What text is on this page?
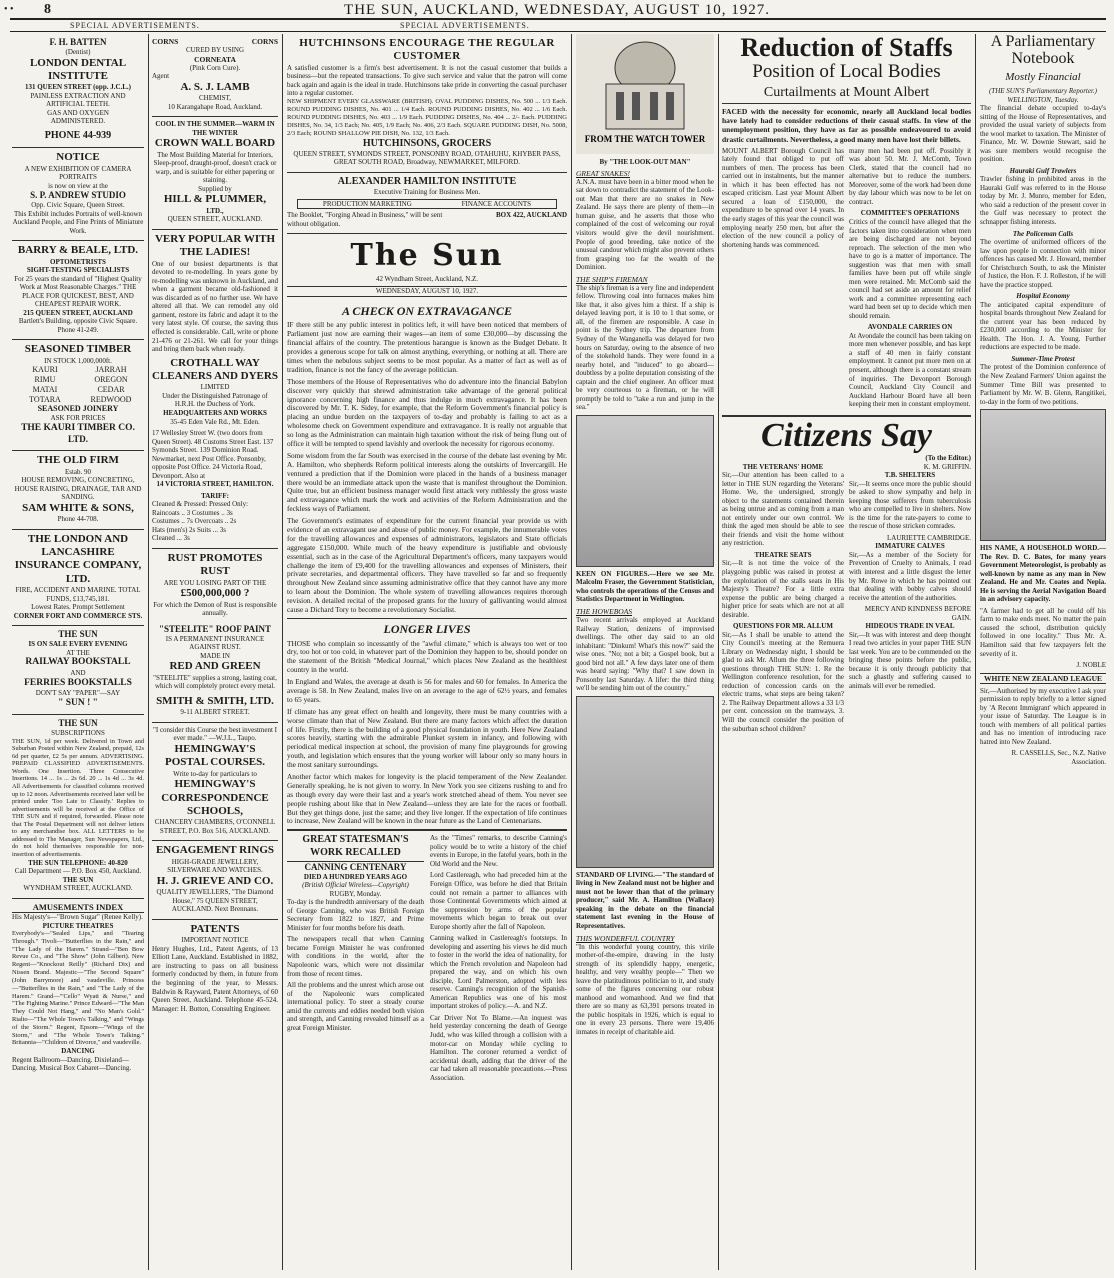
• • 8	THE SUN, AUCKLAND, WEDNESDAY, AUGUST 10, 1927.
SPECIAL ADVERTISEMENTS.	SPECIAL ADVERTISEMENTS.
F. H. BATTEN
(Dentist)
LONDON DENTAL
INSTITUTE
131 QUEEN STREET (opp. J.C.L.)
PAINLESS EXTRACTION AND
ARTIFICIAL TEETH.
GAS AND OXYGEN
ADMINISTERED.
PHONE 44-939
NOTICE
A NEW EXHIBITION OF CAMERA
PORTRAITS
is now on view at the
S. P. ANDREW STUDIO
Opp. Civic Square, Queen Street.
This Exhibit includes Portraits of well-known Auckland People, and Fine Prints of Miniature Work.
BARRY & BEALE, LTD.
OPTOMETRISTS
SIGHT-TESTING SPECIALISTS
For 25 years the standard of "Highest Quality Work at Most Reasonable Charges." THE PLACE FOR QUICKEST, BEST, AND CHEAPEST REPAIR WORK.
215 QUEEN STREET, AUCKLAND
Bartlett's Building, opposite Civic Square.
Phone 41-249.
SEASONED TIMBER
IN STOCK 1,000,000ft.
KAURI	JARRAH
RIMU	OREGON
MATAI	CEDAR
TOTARA	REDWOOD
SEASONED JOINERY
ASK FOR PRICES
THE KAURI TIMBER CO.
LTD.
THE OLD FIRM
Estab. 90
HOUSE REMOVING, CONCRETING, HOUSE RAISING, DRAINAGE, TAR AND SANDING.
SAM WHITE & SONS,
Phone 44-708.
THE LONDON AND
LANCASHIRE
INSURANCE COMPANY,
LTD.
FIRE, ACCIDENT AND MARINE. TOTAL FUNDS, £13,745,181.
Lowest Rates. Prompt Settlement
CORNER FORT AND COMMERCE STS.
THE SUN
IS ON SALE EVERY EVENING
AT THE
RAILWAY BOOKSTALL
AND
FERRIES BOOKSTALLS
DON'T SAY "PAPER"—SAY
" SUN ! "
THE SUN
SUBSCRIPTIONS
THE SUN, 1d per week. Delivered in Town and Suburban Posted within New Zealand, prepaid, 12s 6d per quarter, £2 5s per annum. ADVERTISING. PREPAID CLASSIFIED ADVERTISEMENTS. Words. One Insertion. Three Consecutive Insertions. 14 ... 1s ... 2s 6d. 20 ... 1s 4d ... 3s 4d. All Advertisements for classified columns received up to 12 noon. Advertisements received later will be printed under 'Too Late to Classify.' Replies to advertisements will be received at the Office of THE SUN and if required, forwarded. Please note that The Postal Department will not deliver letters to any merchandise box. ALL LETTERS to be addressed to The Manager, Sun Newspapers, Ltd., do not hold themselves responsible for non-insertion of advertisements.
THE SUN TELEPHONE: 40-820
Call Department — P.O. Box 450, Auckland.
THE SUN
WYNDHAM STREET, AUCKLAND.
AMUSEMENTS INDEX
His Majesty's—"Brown Sugar" (Renee Kelly).
PICTURE THEATRES
Everybody's—"Sealed Lips," and "Tearing Through." Tivoli—"Butterflies in the Rain," and "The Lady of the Harem." Strand—"Ben Bow Revue Co., and "The Show" (John Gilbert). New Regent—"Knockout Reilly" (Richard Dix) and Nissen Brand. Majestic—"The Second Square" (John Barrymore) and vaudeville. Princess—"Butterflies in the Rain," and "The Lady of the Harem." Grand—"'Cello" Wyatt & Nurse," and "The Fighting Marine." Prince Edward—"The Man They Could Not Hang," and "No Man's Gold." Rialto—"The Whole Town's Talking," and "Wings of the Storm." Regent, Epsom—"Wings of the Storm," and "The Whole Town's Talking." Britannia—"Children of Divorce," and vaudeville.
DANCING
Regent Ballroom—Dancing. Dixieland—Dancing. Musical Box Cabaret—Dancing.
CORNS	CORNS
CURED BY USING
CORNEATA
(Pink Corn Cure).
Agent
A. S. J. LAMB
CHEMIST,
10 Karangahape Road, Auckland.
COOL IN THE SUMMER—WARM IN THE WINTER
CROWN WALL BOARD
The Most Building Material for Interiors, Sleep-proof, draught-proof, doesn't crack or warp, and is suitable for either papering or staining.
Supplied by
HILL & PLUMMER,
LTD.,
QUEEN STREET, AUCKLAND.
VERY POPULAR WITH
THE LADIES!
One of our busiest departments is that devoted to re-modelling. In years gone by re-modelling was unknown in Auckland, and when a garment became old-fashioned it was discarded as of no further use. We have altered all that. We can remodel any old garment, restore its fabric and adapt it to the very latest style. Of course, the saving thus effected is considerable. Call, write or phone 21-476 or 21-261. We call for your things and bring them back when ready.
CROTHALL WAY
CLEANERS AND DYERS
LIMITED
Under the Distinguished Patronage of H.R.H. the Duchess of York.
HEADQUARTERS AND WORKS
35-45 Eden Vale Rd., Mt. Eden.
17 Wellesley Street W. (two doors from Queen Street). 48 Customs Street East. 137 Symonds Street. 139 Dominion Road. Newmarket, next Post Office. Ponsonby, opposite Post Office. 24 Victoria Road, Devonport. Also at
14 VICTORIA STREET, HAMILTON.
TARIFF:
Cleaned & Pressed: Pressed Only:
Raincoats .. 3 Costumes .. 3s
Costumes .. 7s Overcoats .. 2s
Hats (men's) 2s Suits ... 3s
Cleaned ... 3s
RUST PROMOTES RUST
ARE YOU LOSING PART OF THE
£500,000,000 ?
For which the Demon of Rust is responsible annually.
"STEELITE" ROOF PAINT
IS A PERMANENT INSURANCE
AGAINST RUST.
MADE IN
RED AND GREEN
"STEELITE" supplies a strong, lasting coat, which will completely protect every metal.
SMITH & SMITH, LTD.
9-11 ALBERT STREET.
"I consider this Course the best investment I ever made." —W.J.L., Taupo.
HEMINGWAY'S
POSTAL COURSES.
Write to-day for particulars to
HEMINGWAY'S
CORRESPONDENCE
SCHOOLS,
CHANCERY CHAMBERS, O'CONNELL STREET, P.O. Box 516, AUCKLAND.
ENGAGEMENT RINGS
HIGH-GRADE JEWELLERY, SILVERWARE AND WATCHES.
H. J. GRIEVE AND CO.
QUALITY JEWELLERS, "The Diamond House," 75 QUEEN STREET, AUCKLAND. Next Brennans.
PATENTS
IMPORTANT NOTICE
Henry Hughes, Ltd., Patent Agents, of 13 Elliott Lane, Auckland. Established in 1882, are instructing to pass on all business formerly conducted by them, in future from the beginning of the year, to Messrs. Baldwin & Rayward, Patent Attorneys, of 60 Queen Street, Auckland. Telephone 45-524. Manager: H. Button, Consulting Engineer.
HUTCHINSONS ENCOURAGE THE REGULAR CUSTOMER
A satisfied customer is a firm's best advertisement. It is not the casual customer that builds a business—but the repeated transactions. To give such service and value that the patron will come back again and again is the ideal in trade. Hutchinsons take pride in converting the casual purchaser into a regular customer.
NEW SHIPMENT EVERY GLASSWARE (BRITISH). OVAL PUDDING DISHES, No. 500 ... 1/3 Each. ROUND PUDDING DISHES, No. 401 ... 1/4 Each. ROUND PUDDING DISHES, No. 402 ... 1/6 Each. ROUND PUDDING DISHES, No. 403 ... 1/9 Each. PUDDING DISHES, No. 404 ... 2/- Each. PUDDING DISHES, No. 34, 1/3 Each; No. 405, 1/9 Each; No. 406, 2/3 Each. SQUARE PUDDING DISH, No. 5008, 2/3 Each; ROUND SHALLOW PIE DISH, No. 132, 1/3 Each.
HUTCHINSONS, GROCERS
QUEEN STREET, SYMONDS STREET, PONSONBY ROAD, OTAHUHU, KHYBER PASS, GREAT SOUTH ROAD, Broadway, NEWMARKET, MILFORD.
ALEXANDER HAMILTON INSTITUTE
Executive Training for Business Men.
PRODUCTION MARKETING	FINANCE ACCOUNTS
The Booklet, "Forging Ahead in Business," will be sent without obligation.
BOX 422, AUCKLAND
The Sun
42 Wyndham Street, Auckland, N.Z.
WEDNESDAY, AUGUST 10, 1927.
A CHECK ON EXTRAVAGANCE

IF there still be any public interest in politics left, it will have been noticed that members of Parliament just now are earning their wages—an item of some £30,000—by discussing the financial affairs of the country. The pretentious harangue is known as the Budget Debate. It provides a generous scope for talk on almost anything, everything, or nothing at all. There are times when the nebulous subject seems to be most popular. As a matter of fact as well as of tradition, finance is not the fancy of the average politician.

Those members of the House of Representatives who do adventure into the financial Babylon discover very quickly that shrewd administration take advantage of the general political ignorance concerning high finance and thus indulge in much extravagance. It has been discovered by Mr. T. K. Sidey, for example, that the Reform Government's financial policy is placing an undue burden on the taxpayers of to-day and probably is failing to act as a wholesome check on Government expenditure and extravagance. It is really not arguable that so long as the Administration can maintain high taxation without the risk of being flung out of office it will be tempted to spend lavishly and overlook the necessity for rigorous economy.

Some wisdom from the far South was exercised in the course of the debate last evening by Mr. A. Hamilton, who shepherds Reform political interests along the outskirts of Invercargill. He ventured a prediction that if the Dominion were placed in the hands of a business manager there would be an immediate attack upon the waste that is manifest throughout the Dominion. Quite true, but an efficient business manager would first attack very ruthlessly the gross waste and extravagance which mark the work and activities of the Reform Administration and the feckless ways of Parliament.

The Government's estimates of expenditure for the current financial year provide us with evidence of an extravagant use and abuse of public money. For example, the innumerable votes for the travelling allowances and expenses of administrators, legislators and State officials aggregate £150,000. While much of the heavy expenditure is justifiable and obviously essential, such as in the case of the Agricultural Department's officers, many taxpayers would challenge the item of £9,400 for the travelling allowances and expenses of Ministers, their private secretaries, and departmental officers. They have travelled so far and so frequently throughout New Zealand since assuming administrative office that they cannot have any more to learn about the Dominion. The whole system of travelling allowances requires thorough revision. A detailed recital of the proposed grants for the luxury of gallivanting would almost cause a Dichard Tory to become a revolutionary Socialist.

LONGER LIVES

THOSE who complain so incessantly of the "awful climate," which is always too wet or too dry, too hot or too cold, in whatever part of the Dominion they happen to be, should ponder on the statement of the British "Medical Journal," which places New Zealand as the healthiest country in the world.

In England and Wales, the average at death is 56 for males and 60 for females. In America the average is 58. In New Zealand, males live on an average to the age of 62½ years, and females to 65 years.

If climate has any great effect on health and longevity, there must be many countries with a worse climate than that of New Zealand. But there are many factors which affect the duration of life. Firstly, there is the building of a good physical foundation in youth. Here New Zealand scores heavily, starting with the admirable Plunket system in infancy, and following with periodical medical inspection at school, the provision of many fine playgrounds for growing youth, and legislation which ensures that the young worker will labour only so many hours in the most sanitary surroundings.

Another factor which makes for longevity is the placid temperament of the New Zealander. Generally speaking, he is not given to worry. In New York you see citizens rushing to and fro as though every day were their last and a year's work stretched ahead of them. You never see people rushing about like that in New Zealand—unless they are late for the races or football. But they get things done, just the same; and they live longer. If the expectation of life continues to increase, New Zealand will be known in the near future as the Land of Centenarians.

GREAT STATESMAN'S
WORK RECALLED
CANNING CENTENARY
DIED A HUNDRED YEARS AGO
(British Official Wireless—Copyright)
RUGBY, Monday.

To-day is the hundredth anniversary of the death of George Canning, who was British Foreign Secretary from 1822 to 1827, and Prime Minister for four months before his death.

The newspapers recall that when Canning became Foreign Minister he was confronted with conditions in the world, after the Napoleonic wars, which were not dissimilar from those of recent times.

All the problems and the unrest which arose out of the Napoleonic wars complicated international policy. To steer a steady course amid the currents and eddies needed both vision and strength, and Canning revealed himself as a great Foreign Minister.

As the "Times" remarks, to describe Canning's policy would be to write a history of the chief events in Europe, in the fateful years, both in the Old World and the New.

Lord Castlereagh, who had preceded him at the Foreign Office, was before he died that Britain could not remain a partner to alliances with those Continental Governments which aimed at the suppression by arms of the popular movements which began to break out over Europe shortly after the fall of Napoleon.

Canning walked in Castlereagh's footsteps. In developing and asserting his views he did much to foster in the world the idea of nationality, for which the French revolution and Napoleon had prepared the way, and on which his own disciple, Lord Palmerston, adopted with less reserve. Canning's recognition of the Spanish-American Republics was one of his most important strokes of policy.—A. and N.Z.

Car Driver Not To Blame.—An inquest was held yesterday concerning the death of George Judd, who was killed through a collision with a motor-car on Monday while cycling to Hamilton. The coroner returned a verdict of accidental death, adding that the driver of the car had taken all reasonable precautions.—Press Association.

FROM THE WATCH TOWER
By "THE LOOK-OUT MAN"
GREAT SNAKES!

A.N.A. must have been in a bitter mood when he sat down to contradict the statement of the Look-out Man that there are no snakes in New Zealand. He says there are plenty of them—in human guise, and he asserts that those who complained of the cost of welcoming our royal visitors would give the devil nourishment. People of good breeding, take notice of the unusual candour which might also prevent others from grasping too far the wealth of the Dominion.

THE SHIP'S FIREMAN

The ship's fireman is a very fine and independent fellow. Throwing coal into furnaces makes him like that, it also gives him a thirst. If a ship is delayed leaving port, it is 10 to 1 that some, or all, of the firemen are responsible. A case in point is the Sydney trip. The departure from Sydney of the Wanganella was delayed for two hours on Saturday, owing to the absence of two of the stokehold hands. They were found in a nearby hotel, and "induced" to go aboard—doubtless by a polite deputation consisting of the captain and the chief engineer. An officer must be very courteous to a fireman, or he will promptly be told to "take a run and jump in the sea."

KEEN ON FIGURES.—Here we see Mr. Malcolm Fraser, the Government Statistician, who controls the operations of the Census and Statistics Department in Wellington.

THE HOWEBOAS

Two recent arrivals employed at Auckland Railway Station, denizens of improvised dwellings. The other day said to an old inhabitant: "Dinkum! What's this now?" said the wise ones. "No; not a bit; a Gospel book, but a good bird not all." A few days later one of them was heard saying: "Why that? I saw down in Ponsonby last Saturday. A lifer: the third thing we'll be sending him out of the country."

STANDARD OF LIVING.—"The standard of living in New Zealand must not be higher and must not be lower than that of the primary producer," said Mr. A. Hamilton (Wallace) speaking in the debate on the financial statement last evening in the House of Representatives.

THIS WONDERFUL COUNTRY

"In this wonderful young country, this virile mother-of-the-empire, drawing in the lusty strength of its splendidly happy, energetic, healthy, and very wealthy people—" Then we leave the platitudinous politician to it, and study some of the figures concerning our robust manhood and womanhood. And we find that there are so many as 63,391 persons treated in the public hospitals in 1926, which is equal to one in every 23 persons. There were 19,406 inmates in receipt of charitable aid.

Reduction of Staffs
Position of Local Bodies
Curtailments at Mount Albert

FACED with the necessity for economic, nearly all Auckland local bodies have lately had to consider reductions of their casual staffs. In view of the unemployment position, they have as far as possible endeavoured to avoid drastic curtailments. Nevertheless, a good many men have lost their billets.

MOUNT ALBERT Borough Council has lately found that obliged to put off numbers of men. The process has been carried out in instalments, but the manner in which it has been effected has not escaped criticism. Last year Mount Albert secured a loan of £150,000, the expenditure to be spread over 14 years. In the early stages of this year the council was employing nearly 250 men, but after the election of the new council a policy of shortening hands was commenced.

many men had been put off. Possibly it was about 50. Mr. J. McComb, Town Clerk, stated that the council had no alternative but to reduce the numbers. Moreover, some of the work had been done by day labour which was now to be let on contract.

COMMITTEE'S OPERATIONS

Critics of the council have alleged that the factors taken into consideration when men are being discharged are not beyond reproach. The selection of the men who have to go is a matter of importance. The suggestion was that men with small families have been put off while single men were retained. Mr. McComb said the council had set aside an amount for relief work and a committee representing each ward had been set up to decide which men should remain.

AVONDALE CARRIES ON

At Avondale the council has been taking on more men whenever possible, and has kept a staff of 40 men in fairly constant employment. It cannot put more men on at present, although there is a constant stream of inquiries. The Devonport Borough Council, Auckland City Council and Auckland Harbour Board have all been keeping their men in constant employment.

Citizens Say
(To the Editor.)
THE VETERANS' HOME

Sir,—Our attention has been called to a letter in THE SUN regarding the Veterans' Home. We, the undersigned, strongly object to the statements contained therein as being untrue and as coming from a man not entirely under our own control. We think the aged men should be able to see their friends and visit the home without any restriction.

THEATRE SEATS

Sir,—It is not time the voice of the playgoing public was raised in protest at the exploitation of the stalls seats in His Majesty's Theatre? For a little extra expense the public are being charged a higher price for seats which are not at all desirable.

QUESTIONS FOR MR. ALLUM

Sir,—As I shall be unable to attend the City Council's meeting at the Remuera Library on Wednesday night, I should be glad to ask Mr. Allum the three following questions through THE SUN: 1. Re the Wellington conference resolution, for the reduction of concession cards on the electric trams, what steps are being taken? 2. The Railway Department allows a 33 1/3 per cent. concession on the tramways. 3. Will the council consider the position of the suburban school children?

K. M. GRIFFIN.
T.B. SHELTERS

Sir,—It seems once more the public should be asked to show sympathy and help in keeping those sufferers from tuberculosis who are compelled to live in shelters. Now is the time for the rate-payers to come to the rescue of those stricken comrades.

LAURIETTE CAMBRIDGE.
IMMATURE CALVES

Sir,—As a member of the Society for Prevention of Cruelty to Animals, I read with interest and a little disgust the letter by Mr. Rowe in which he has pointed out that dealing with bobby calves should receive the attention of the authorities.

MERCY AND KINDNESS BEFORE GAIN.
HIDEOUS TRADE IN VEAL

Sir,—It was with interest and deep thought I read two articles in your paper THE SUN last week. You are to be commended on the bringing these points before the public, because it is only through publicity that such a ghastly and suffering caused to animals will ever be remedied.

A Parliamentary Notebook
Mostly Financial
(THE SUN'S Parliamentary Reporter.) WELLINGTON, Tuesday.

The financial debate occupied to-day's sitting of the House of Representatives, and provided the usual variety of subjects from the wool market to taxation. The Minister of Finance, Mr. W. Downie Stewart, said he was sure members would recognise the position.

Hauraki Gulf Trawlers

Trawler fishing in prohibited areas in the Hauraki Gulf was referred to in the House today by Mr. J. Munro, member for Eden, who said a reduction of the present cover in the Gulf was necessary to protect the schnapper fishing interests.

The Policeman Calls

The overtime of uniformed officers of the law upon people in connection with minor offences has caused Mr. J. Howard, member for Christchurch South, to ask the Minister of Justice, the Hon. F. J. Rolleston, if he will have the practice stopped.

Hospital Economy

The anticipated capital expenditure of hospital boards throughout New Zealand for the current year has been reduced by £230,000 according to the Minister for Health. The Hon. J. A. Young. Further reductions are expected to be made.

Summer-Time Protest

The protest of the Dominion conference of the New Zealand Farmers' Union against the Summer Time Bill was presented to Parliament by Mr. W. B. Glenn, Rangitikei, to-day in the form of two petitions.

HIS NAME, A HOUSEHOLD WORD.—The Rev. D. C. Bates, for many years Government Meteorologist, is probably as well-known by name as any man in New Zealand. He and Mr. Coates and Nepia. He is serving the Aerial Navigation Board in an advisory capacity.

"A farmer had to get all he could off his farm to make ends meet. No matter the pain caused the school, distribution quickly followed in one locality." Thus Mr. A. Hamilton said that few taxpayers felt the severity of it.

J. NOBLE
WHITE NEW ZEALAND LEAGUE

Sir,—Authorised by my executive I ask your permission to reply briefly to a letter signed by 'A Recent Immigrant' which appeared in your issue of Saturday. The League is in touch with members of all political parties and has no intention of introducing race hatred into New Zealand.

R. CASSELLS, Sec., N.Z. Native Association.
